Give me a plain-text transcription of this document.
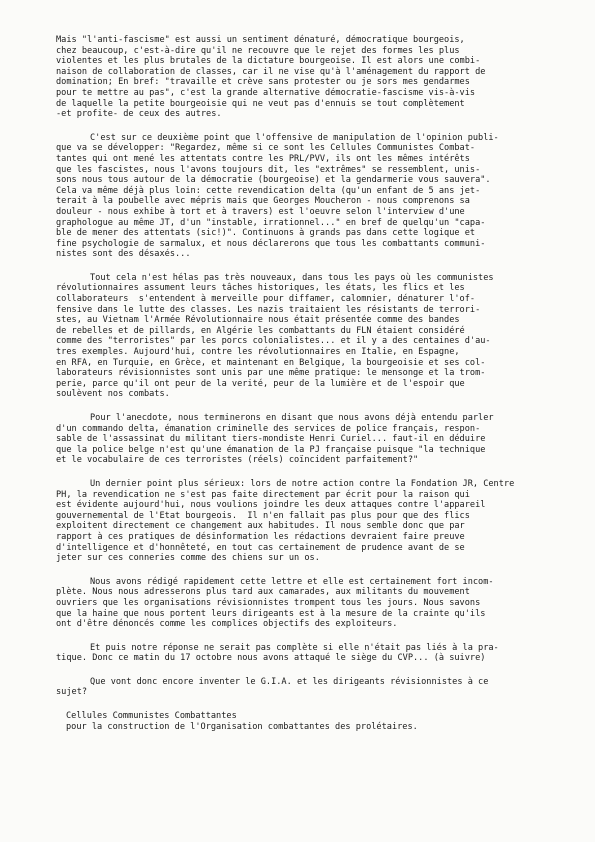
Mais "l'anti-fascisme" est aussi un sentiment dénaturé, démocratique bourgeois,
chez beaucoup, c'est-à-dire qu'il ne recouvre que le rejet des formes les plus
violentes et les plus brutales de la dictature bourgeoise. Il est alors une combi-
naison de collaboration de classes, car il ne vise qu'à l'aménagement du rapport de
domination; En bref: "travaille et crève sans protester ou je sors mes gendarmes
pour te mettre au pas", c'est la grande alternative démocratie-fascisme vis-à-vis
de laquelle la petite bourgeoisie qui ne veut pas d'ennuis se tout complètement
-et profite- de ceux des autres.
C'est sur ce deuxième point que l'offensive de manipulation de l'opinion publi-
que va se développer: "Regardez, même si ce sont les Cellules Communistes Combat-
tantes qui ont mené les attentats contre les PRL/PVV, ils ont les mêmes intérêts
que les fascistes, nous l'avons toujours dit, les "extrêmes" se ressemblent, unis-
sons nous tous autour de la démocratie (bourgeoise) et la gendarmerie vous sauvera".
Cela va même déjà plus loin: cette revendication delta (qu'un enfant de 5 ans jet-
terait à la poubelle avec mépris mais que Georges Moucheron - nous comprenons sa
douleur - nous exhibe à tort et à travers) est l'oeuvre selon l'interview d'une
graphologue au même JT, d'un "instable, irrationnel..." en bref de quelqu'un "capa-
ble de mener des attentats (sic!)". Continuons à grands pas dans cette logique et
fine psychologie de sarmalux, et nous déclarerons que tous les combattants communi-
nistes sont des désaxés...
Tout cela n'est hélas pas très nouveaux, dans tous les pays où les communistes
révolutionnaires assument leurs tâches historiques, les états, les flics et les
collaborateurs  s'entendent à merveille pour diffamer, calomnier, dénaturer l'of-
fensive dans le lutte des classes. Les nazis traitaient les résistants de terrori-
stes, au Vietnam l'Armée Révolutionnaire nous était présentée comme des bandes
de rebelles et de pillards, en Algérie les combattants du FLN étaient considéré
comme des "terroristes" par les porcs colonialistes... et il y a des centaines d'au-
tres exemples. Aujourd'hui, contre les révolutionnaires en Italie, en Espagne,
en RFA, en Turquie, en Grèce, et maintenant en Belgique, la bourgeoisie et ses col-
laborateurs révisionnistes sont unis par une même pratique: le mensonge et la trom-
perie, parce qu'il ont peur de la verité, peur de la lumière et de l'espoir que
soulèvent nos combats.
Pour l'anecdote, nous terminerons en disant que nous avons déjà entendu parler
d'un commando delta, émanation criminelle des services de police français, respon-
sable de l'assassinat du militant tiers-mondiste Henri Curiel... faut-il en déduire
que la police belge n'est qu'une émanation de la PJ française puisque "la technique
et le vocabulaire de ces terroristes (réels) coïncident parfaitement?"
Un dernier point plus sérieux: lors de notre action contre la Fondation JR, Centre
PH, la revendication ne s'est pas faite directement par écrit pour la raison qui
est évidente aujourd'hui, nous voulions joindre les deux attaques contre l'appareil
gouvernemental de l'Etat bourgeois.  Il n'en fallait pas plus pour que des flics
exploitent directement ce changement aux habitudes. Il nous semble donc que par
rapport à ces pratiques de désinformation les rédactions devraient faire preuve
d'intelligence et d'honnêteté, en tout cas certainement de prudence avant de se
jeter sur ces conneries comme des chiens sur un os.
Nous avons rédigé rapidement cette lettre et elle est certainement fort incom-
plète. Nous nous adresserons plus tard aux camarades, aux militants du mouvement
ouvriers que les organisations révisionnistes trompent tous les jours. Nous savons
que la haine que nous portent leurs dirigeants est à la mesure de la crainte qu'ils
ont d'être dénoncés comme les complices objectifs des exploiteurs.
Et puis notre réponse ne serait pas complète si elle n'était pas liés à la pra-
tique. Donc ce matin du 17 octobre nous avons attaqué le siège du CVP... (à suivre)
Que vont donc encore inventer le G.I.A. et les dirigeants révisionnistes à ce
sujet?
Cellules Communistes Combattantes
pour la construction de l'Organisation combattantes des prolétaires.
